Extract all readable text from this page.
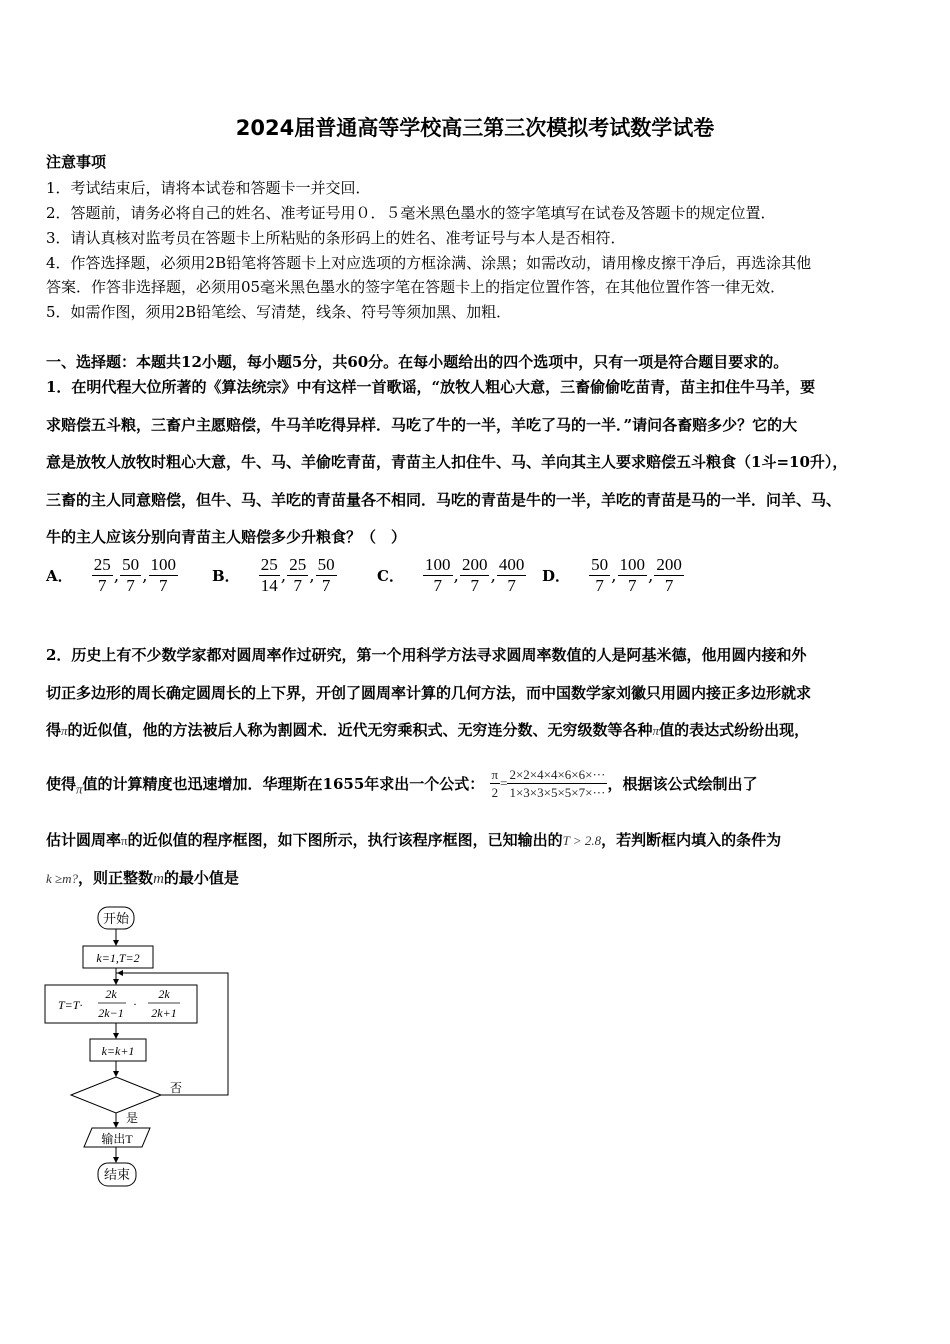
2024届普通高等学校高三第三次模拟考试数学试卷
注意事项
1．考试结束后，请将本试卷和答题卡一并交回．
2．答题前，请务必将自己的姓名、准考证号用０．５毫米黑色墨水的签字笔填写在试卷及答题卡的规定位置．
3．请认真核对监考员在答题卡上所粘贴的条形码上的姓名、准考证号与本人是否相符．
4．作答选择题，必须用2B铅笔将答题卡上对应选项的方框涂满、涂黑；如需改动，请用橡皮擦干净后，再选涂其他
答案．作答非选择题，必须用05毫米黑色墨水的签字笔在答题卡上的指定位置作答，在其他位置作答一律无效．
5．如需作图，须用2B铅笔绘、写清楚，线条、符号等须加黑、加粗．
一、选择题：本题共12小题，每小题5分，共60分。在每小题给出的四个选项中，只有一项是符合题目要求的。
1．在明代程大位所著的《算法统宗》中有这样一首歌谣，“放牧人粗心大意，三畜偷偷吃苗青，苗主扣住牛马羊，要
求赔偿五斗粮，三畜户主愿赔偿，牛马羊吃得异样．马吃了牛的一半，羊吃了马的一半．”请问各畜赔多少？它的大
意是放牧人放牧时粗心大意，牛、马、羊偷吃青苗，青苗主人扣住牛、马、羊向其主人要求赔偿五斗粮食（1斗=10升），
三畜的主人同意赔偿，但牛、马、羊吃的青苗量各不相同．马吃的青苗是牛的一半，羊吃的青苗是马的一半．问羊、马、
牛的主人应该分别向青苗主人赔偿多少升粮食？（　）
A． $\frac{25}{7}$ , $\frac{50}{7}$ , $\frac{100}{7}$ B． $\frac{25}{14}$ , $\frac{25}{7}$ , $\frac{50}{7}$	C． $\frac{100}{7}$ , $\frac{200}{7}$ , $\frac{400}{7}$ D． $\frac{50}{7}$ , $\frac{100}{7}$ , $\frac{200}{7}$
2．历史上有不少数学家都对圆周率作过研究，第一个用科学方法寻求圆周率数值的人是阿基米德，他用圆内接和外
切正多边形的周长确定圆周长的上下界，开创了圆周率计算的几何方法，而中国数学家刘徽只用圆内接正多边形就求
得π的近似值，他的方法被后人称为割圆术．近代无穷乘积式、无穷连分数、无穷级数等各种π值的表达式纷纷出现，
使得π值的计算精度也迅速增加．华理斯在1655年求出一个公式： $\frac{\pi}{2} = \frac{2\times 2\times 4\times 4\times 6\times 6\times\cdot\cdot\cdot}{1\times 3\times 3\times 5\times 5\times 7\times\cdot\cdot\cdot}$ ，根据该公式绘制出了
估计圆周率π的近似值的程序框图，如下图所示，执行该程序框图，已知输出的T > 2.8，若判断框内填入的条件为
k ≥m?，则正整数m的最小值是
开始
k=1,T=2
T=T·
2k
2k−1
·
2k
2k+1
k=k+1
否
是
输出T
结束
